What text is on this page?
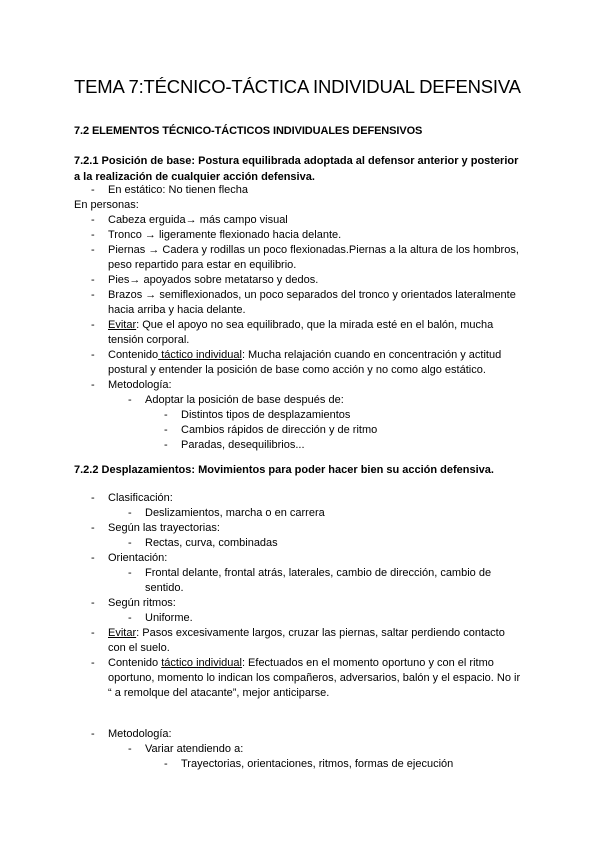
TEMA 7:TÉCNICO-TÁCTICA INDIVIDUAL DEFENSIVA
7.2 ELEMENTOS TÉCNICO-TÁCTICOS INDIVIDUALES DEFENSIVOS
7.2.1 Posición de base: Postura equilibrada adoptada al defensor anterior y posterior
a la realización de cualquier acción defensiva.
- En estático: No tienen flecha
En personas:
- Cabeza erguida→ más campo visual
- Tronco → ligeramente flexionado hacia delante.
- Piernas → Cadera y rodillas un poco flexionadas.Piernas a la altura de los hombros,
peso repartido para estar en equilibrio.
- Pies→ apoyados sobre metatarso y dedos.
- Brazos → semiflexionados, un poco separados del tronco y orientados lateralmente
hacia arriba y hacia delante.
- Evitar: Que el apoyo no sea equilibrado, que la mirada esté en el balón, mucha
tensión corporal.
- Contenido táctico individual: Mucha relajación cuando en concentración y actitud
postural y entender la posición de base como acción y no como algo estático.
- Metodología:
- Adoptar la posición de base después de:
- Distintos tipos de desplazamientos
- Cambios rápidos de dirección y de ritmo
- Paradas, desequilibrios...
7.2.2 Desplazamientos: Movimientos para poder hacer bien su acción defensiva.
- Clasificación:
- Deslizamientos, marcha o en carrera
- Según las trayectorias:
- Rectas, curva, combinadas
- Orientación:
- Frontal delante, frontal atrás, laterales, cambio de dirección, cambio de
sentido.
- Según ritmos:
- Uniforme.
- Evitar: Pasos excesivamente largos, cruzar las piernas, saltar perdiendo contacto
con el suelo.
- Contenido táctico individual: Efectuados en el momento oportuno y con el ritmo
oportuno, momento lo indican los compañeros, adversarios, balón y el espacio. No ir
“ a remolque del atacante”, mejor anticiparse.
- Metodología:
- Variar atendiendo a:
- Trayectorias, orientaciones, ritmos, formas de ejecución
